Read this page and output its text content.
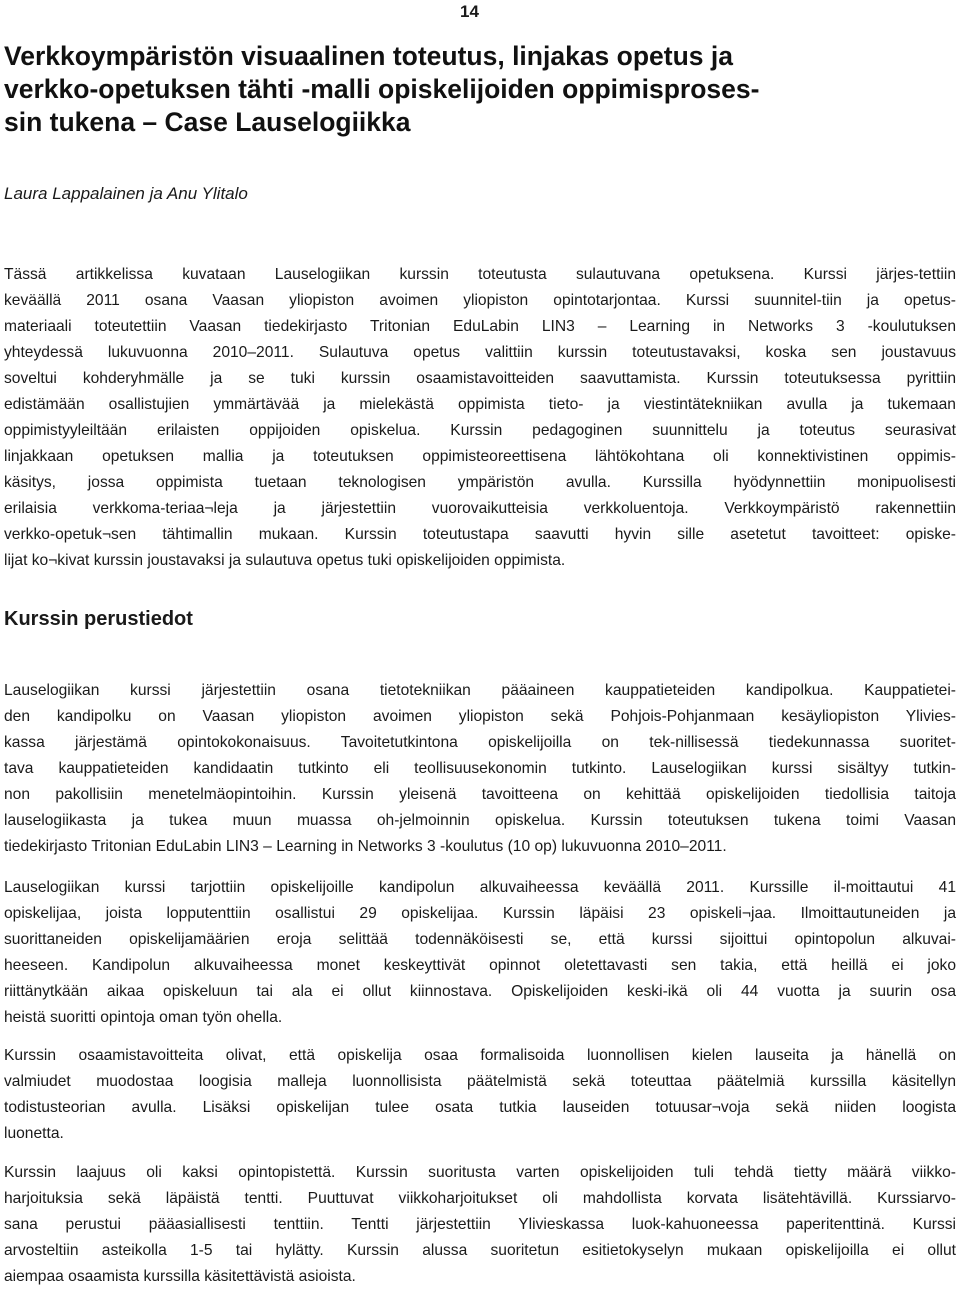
14
Verkkoympäristön visuaalinen toteutus, linjakas opetus ja
verkko-opetuksen tähti -malli opiskelijoiden oppimisproses-
sin tukena – Case Lauselogiikka
Laura Lappalainen ja Anu Ylitalo
Tässä artikkelissa kuvataan Lauselogiikan kurssin toteutusta sulautuvana opetuksena. Kurssi järjes-tettiin
keväällä 2011 osana Vaasan yliopiston avoimen yliopiston opintotarjontaa. Kurssi suunnitel-tiin ja opetus-
materiaali toteutettiin Vaasan tiedekirjasto Tritonian EduLabin LIN3 – Learning in Networks 3 -koulutuksen
yhteydessä lukuvuonna 2010–2011. Sulautuva opetus valittiin kurssin toteutustavaksi, koska sen joustavuus
soveltui kohderyhmälle ja se tuki kurssin osaamistavoitteiden saavuttamista. Kurssin toteutuksessa pyrittiin
edistämään osallistujien ymmärtävää ja mielekästä oppimista tieto- ja viestintätekniikan avulla ja tukemaan
oppimistyyleiltään erilaisten oppijoiden opiskelua. Kurssin pedagoginen suunnittelu ja toteutus seurasivat
linjakkaan opetuksen mallia ja toteutuksen oppimisteoreettisena lähtökohtana oli konnektivistinen oppimis-
käsitys, jossa oppimista tuetaan teknologisen ympäristön avulla. Kurssilla hyödynnettiin monipuolisesti
erilaisia verkkoma-teriaa¬leja ja järjestettiin vuorovaikutteisia verkkoluentoja. Verkkoympäristö rakennettiin
verkko-opetuk¬sen tähtimallin mukaan. Kurssin toteutustapa saavutti hyvin sille asetetut tavoitteet: opiske-
lijat ko¬kivat kurssin joustavaksi ja sulautuva opetus tuki opiskelijoiden oppimista.
Kurssin perustiedot
Lauselogiikan kurssi järjestettiin osana tietotekniikan pääaineen kauppatieteiden kandipolkua. Kauppatietei-
den kandipolku on Vaasan yliopiston avoimen yliopiston sekä Pohjois-Pohjanmaan kesäyliopiston Ylivies-
kassa järjestämä opintokokonaisuus. Tavoitetutkintona opiskelijoilla on tek-nillisessä tiedekunnassa suoritet-
tava kauppatieteiden kandidaatin tutkinto eli teollisuusekonomin tutkinto. Lauselogiikan kurssi sisältyy tutkin-
non pakollisiin menetelmäopintoihin. Kurssin yleisenä tavoitteena on kehittää opiskelijoiden tiedollisia taitoja
lauselogiikasta ja tukea muun muassa oh-jelmoinnin opiskelua. Kurssin toteutuksen tukena toimi Vaasan
tiedekirjasto Tritonian EduLabin LIN3 – Learning in Networks 3 -koulutus (10 op) lukuvuonna 2010–2011.
Lauselogiikan kurssi tarjottiin opiskelijoille kandipolun alkuvaiheessa keväällä 2011. Kurssille il-moittautui 41
opiskelijaa, joista lopputenttiin osallistui 29 opiskelijaa. Kurssin läpäisi 23 opiskeli¬jaa. Ilmoittautuneiden ja
suorittaneiden opiskelijamäärien eroja selittää todennäköisesti se, että kurssi sijoittui opintopolun alkuvai-
heeseen. Kandipolun alkuvaiheessa monet keskeyttivät opinnot oletettavasti sen takia, että heillä ei joko
riittänytkään aikaa opiskeluun tai ala ei ollut kiinnostava. Opiskelijoiden keski-ikä oli 44 vuotta ja suurin osa
heistä suoritti opintoja oman työn ohella.
Kurssin osaamistavoitteita olivat, että opiskelija osaa formalisoida luonnollisen kielen lauseita ja hänellä on
valmiudet muodostaa loogisia malleja luonnollisista päätelmistä sekä toteuttaa päätelmiä kurssilla käsitellyn
todistusteorian avulla. Lisäksi opiskelijan tulee osata tutkia lauseiden totuusar¬voja sekä niiden loogista
luonetta.
Kurssin laajuus oli kaksi opintopistettä. Kurssin suoritusta varten opiskelijoiden tuli tehdä tietty määrä viikko-
harjoituksia sekä läpäistä tentti. Puuttuvat viikkoharjoitukset oli mahdollista korvata lisätehtävillä. Kurssiarvo-
sana perustui pääasiallisesti tenttiin. Tentti järjestettiin Ylivieskassa luok-kahuoneessa paperitenttinä. Kurssi
arvosteltiin asteikolla 1-5 tai hylätty. Kurssin alussa suoritetun esitietokyselyn mukaan opiskelijoilla ei ollut
aiempaa osaamista kurssilla käsitettävistä asioista.
